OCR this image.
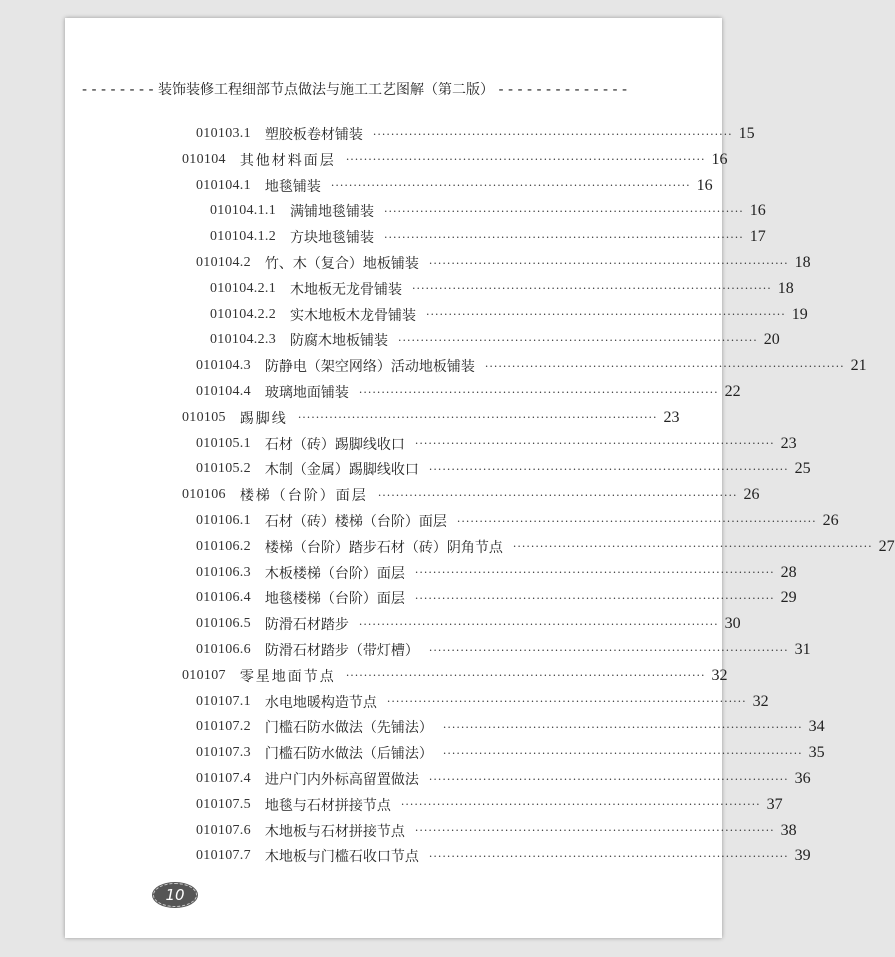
- - - - - - - - 装饰装修工程细部节点做法与施工工艺图解（第二版） - - - - - - - - - - - - - -
010103.1 塑胶板卷材铺装 ················································································ 15
010104 其他材料面层 ················································································ 16
010104.1 地毯铺装 ················································································ 16
010104.1.1 满铺地毯铺装 ················································································ 16
010104.1.2 方块地毯铺装 ················································································ 17
010104.2 竹、木（复合）地板铺装 ················································································ 18
010104.2.1 木地板无龙骨铺装 ················································································ 18
010104.2.2 实木地板木龙骨铺装 ················································································ 19
010104.2.3 防腐木地板铺装 ················································································ 20
010104.3 防静电（架空网络）活动地板铺装 ················································································ 21
010104.4 玻璃地面铺装 ················································································ 22
010105 踢脚线 ················································································ 23
010105.1 石材（砖）踢脚线收口 ················································································ 23
010105.2 木制（金属）踢脚线收口 ················································································ 25
010106 楼梯（台阶）面层 ················································································ 26
010106.1 石材（砖）楼梯（台阶）面层 ················································································ 26
010106.2 楼梯（台阶）踏步石材（砖）阴角节点 ················································································ 27
010106.3 木板楼梯（台阶）面层 ················································································ 28
010106.4 地毯楼梯（台阶）面层 ················································································ 29
010106.5 防滑石材踏步 ················································································ 30
010106.6 防滑石材踏步（带灯槽） ················································································ 31
010107 零星地面节点 ················································································ 32
010107.1 水电地暖构造节点 ················································································ 32
010107.2 门槛石防水做法（先铺法） ················································································ 34
010107.3 门槛石防水做法（后铺法） ················································································ 35
010107.4 进户门内外标高留置做法 ················································································ 36
010107.5 地毯与石材拼接节点 ················································································ 37
010107.6 木地板与石材拼接节点 ················································································ 38
010107.7 木地板与门槛石收口节点 ················································································ 39
10
